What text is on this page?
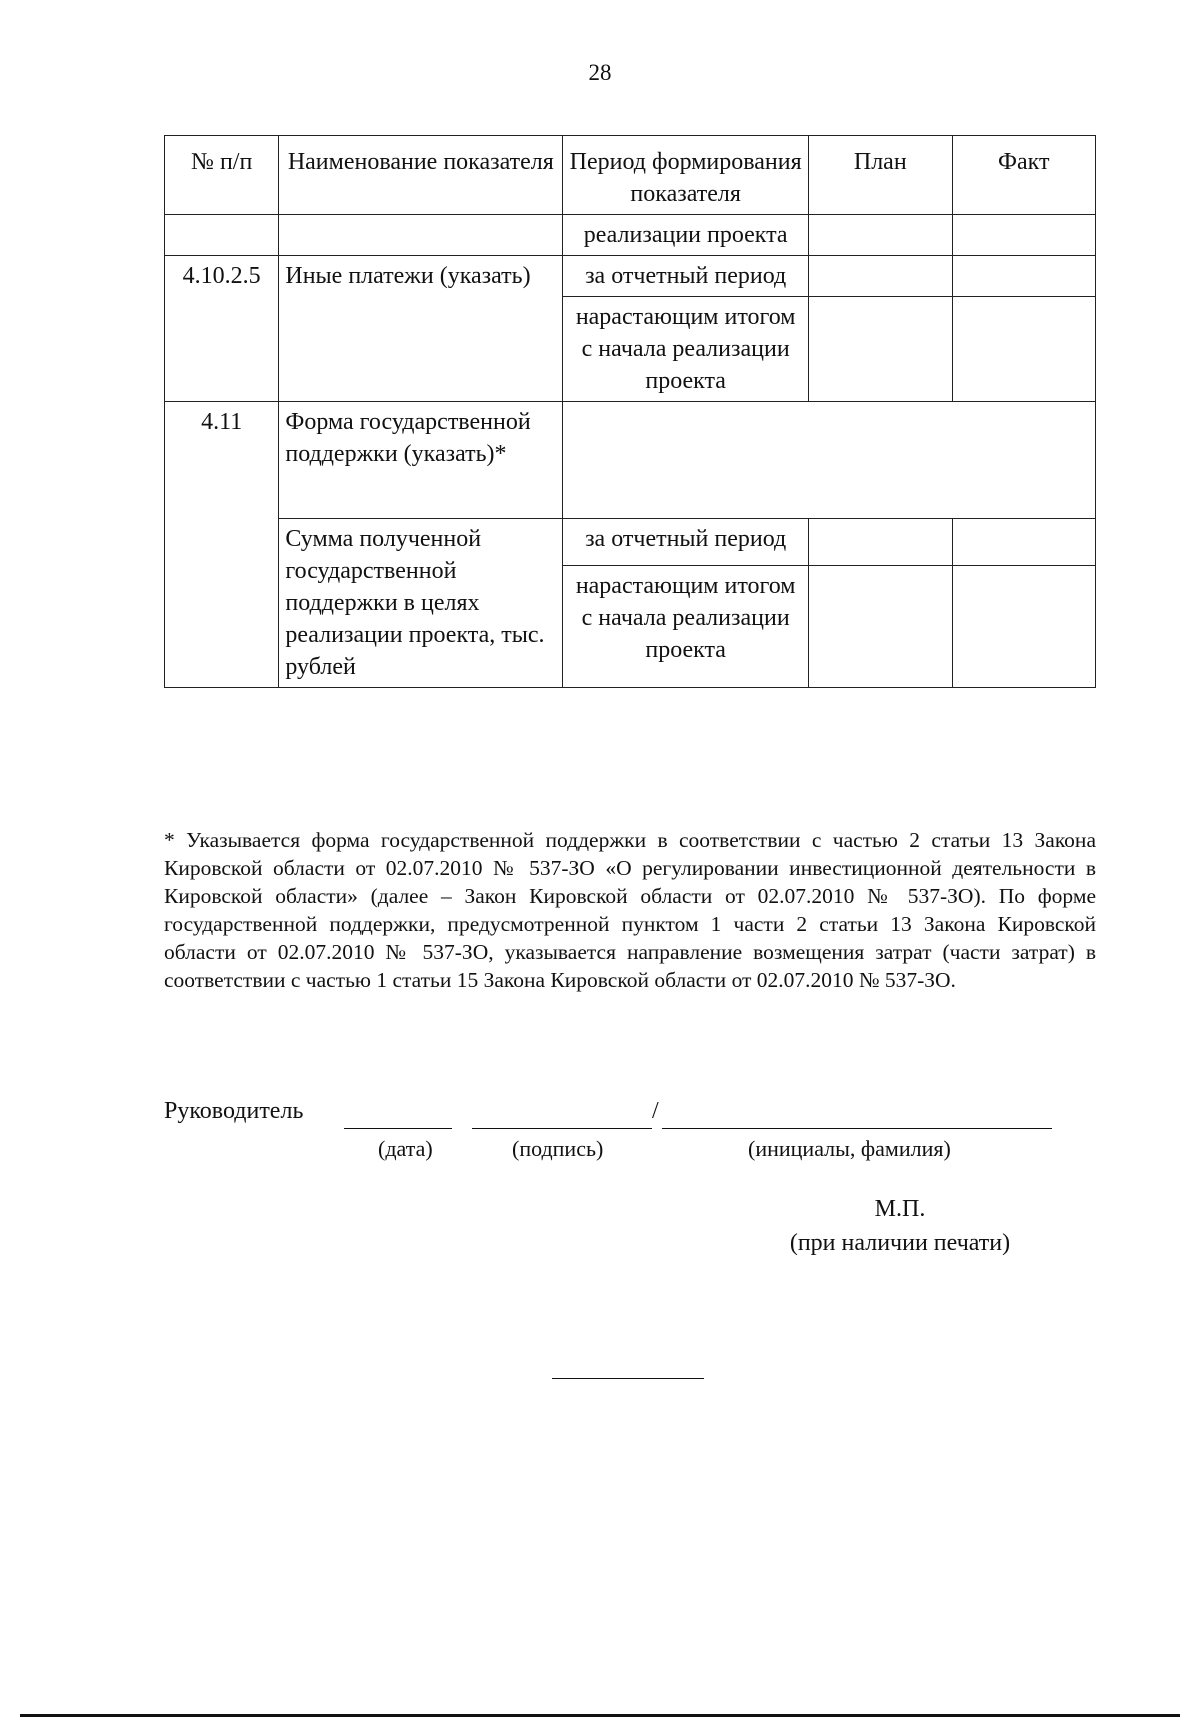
28
№ п/п	Наименование показателя	Период формирования показателя	План	Факт
		реализации проекта		
4.10.2.5	Иные платежи (указать)	за отчетный период		
		нарастающим итогом с начала реализации проекта		
4.11	Форма государственной поддержки (указать)*			
	Сумма полученной государственной поддержки в целях реализации проекта, тыс. рублей	за отчетный период		
		нарастающим итогом с начала реализации проекта		
* Указывается форма государственной поддержки в соответствии с частью 2 статьи 13 Закона Кировской области от 02.07.2010 № 537-ЗО «О регулировании инвестиционной деятельности в Кировской области» (далее – Закон Кировской области от 02.07.2010 № 537-ЗО). По форме государственной поддержки, предусмотренной пунктом 1 части 2 статьи 13 Закона Кировской области от 02.07.2010 № 537-ЗО, указывается направление возмещения затрат (части затрат) в соответствии с частью 1 статьи 15 Закона Кировской области от 02.07.2010 № 537-ЗО.
Руководитель	/
(дата)	(подпись)	(инициалы, фамилия)
М.П.
(при наличии печати)
